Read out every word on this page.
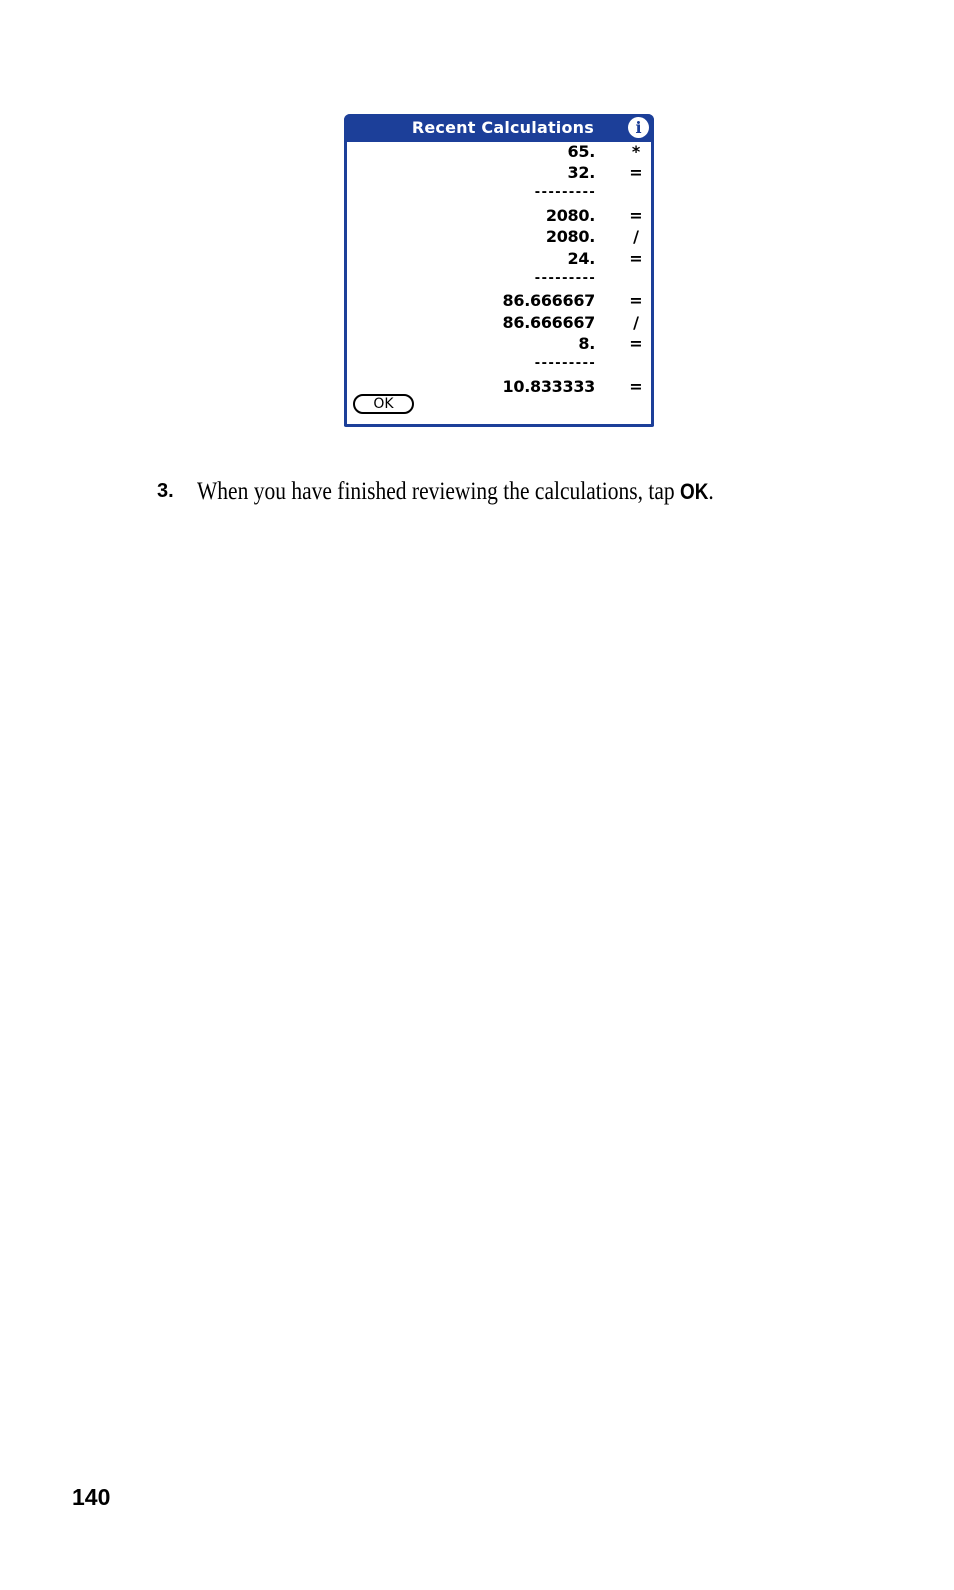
Recent Calculations	i
65. *
32. =
---------
2080. =
2080. /
24. =
---------
86.666667 =
86.666667 /
8. =
---------
10.833333 =
OK
3. When you have finished reviewing the calculations, tap OK.
140
